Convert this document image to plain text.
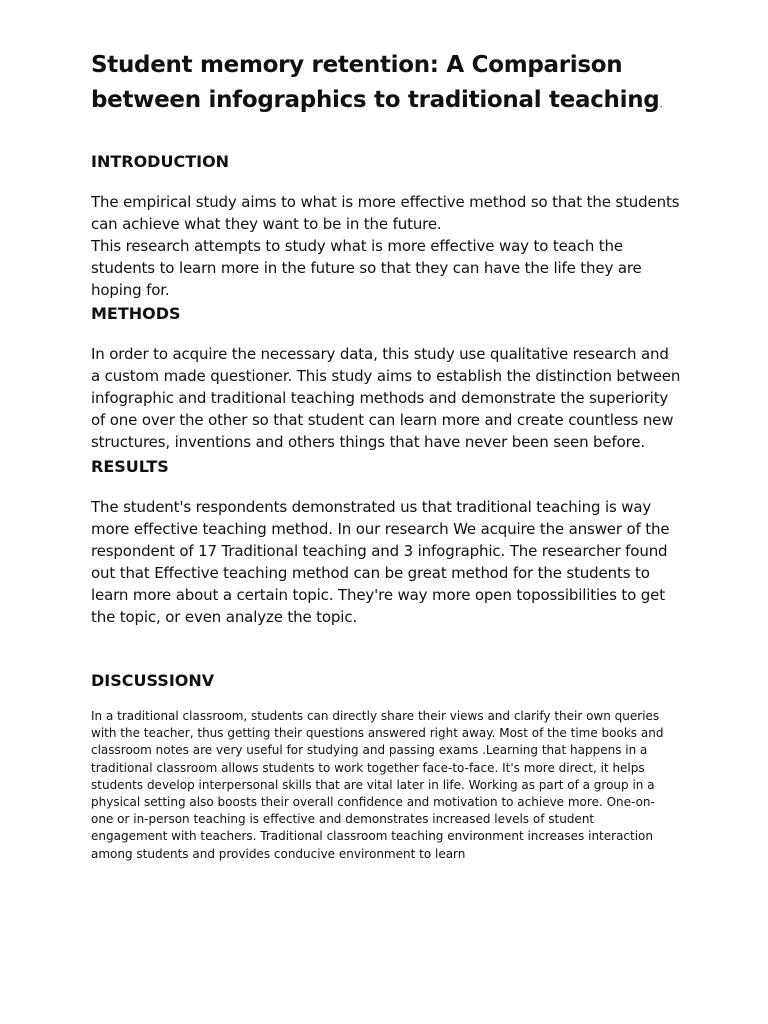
Student memory retention: A Comparison between infographics to traditional teaching.
INTRODUCTION

The empirical study aims to what is more effective method so that the students can achieve what they want to be in the future.

This research attempts to study what is more effective way to teach the students to learn more in the future so that they can have the life they are hoping for.

METHODS

In order to acquire the necessary data, this study use qualitative research and a custom made questioner. This study aims to establish the distinction between infographic and traditional teaching methods and demonstrate the superiority of one over the other so that student can learn more and create countless new structures, inventions and others things that have never been seen before.

RESULTS

The student's respondents demonstrated us that traditional teaching is way more effective teaching method. In our research We acquire the answer of the respondent of 17 Traditional teaching and 3 infographic. The researcher found out that Effective teaching method can be great method for the students to learn more about a certain topic. They're way more open topossibilities to get the topic, or even analyze the topic.

DISCUSSIONV

In a traditional classroom, students can directly share their views and clarify their own queries with the teacher, thus getting their questions answered right away. Most of the time books and classroom notes are very useful for studying and passing exams .Learning that happens in a traditional classroom allows students to work together face-to-face. It's more direct, it helps students develop interpersonal skills that are vital later in life. Working as part of a group in a physical setting also boosts their overall confidence and motivation to achieve more. One-on-one or in-person teaching is effective and demonstrates increased levels of student engagement with teachers. Traditional classroom teaching environment increases interaction among students and provides conducive environment to learn
